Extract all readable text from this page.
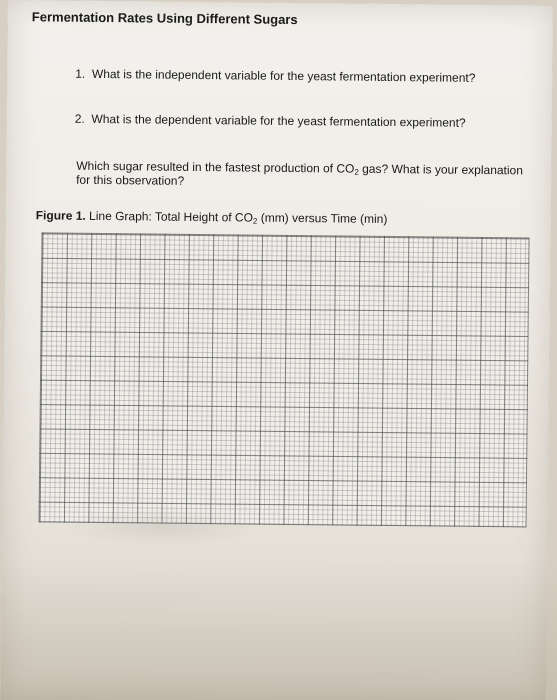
Fermentation Rates Using Different Sugars
1. What is the independent variable for the yeast fermentation experiment?
2. What is the dependent variable for the yeast fermentation experiment?
Which sugar resulted in the fastest production of $CO_2$ gas? What is your explanation
for this observation?
Figure 1. Line Graph: Total Height of $CO_2$ (mm) versus Time (min)
